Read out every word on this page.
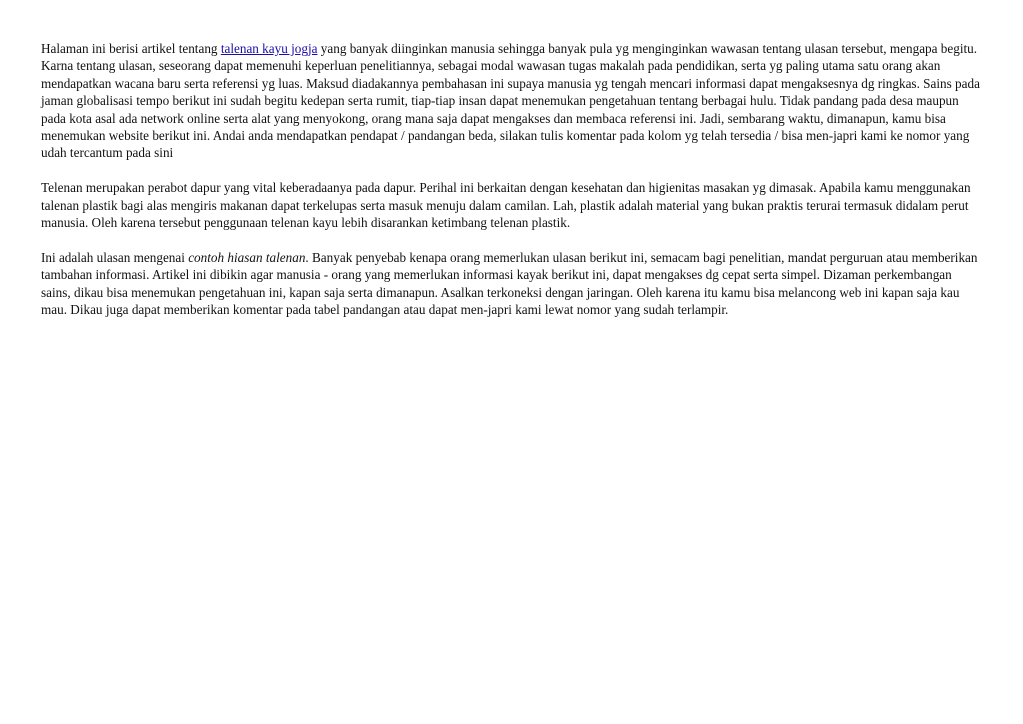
Halaman ini berisi artikel tentang talenan kayu jogja yang banyak diinginkan manusia sehingga banyak pula yg menginginkan wawasan tentang ulasan tersebut, mengapa begitu. Karna tentang ulasan, seseorang dapat memenuhi keperluan penelitiannya, sebagai modal wawasan tugas makalah pada pendidikan, serta yg paling utama satu orang akan mendapatkan wacana baru serta referensi yg luas. Maksud diadakannya pembahasan ini supaya manusia yg tengah mencari informasi dapat mengaksesnya dg ringkas. Sains pada jaman globalisasi tempo berikut ini sudah begitu kedepan serta rumit, tiap-tiap insan dapat menemukan pengetahuan tentang berbagai hulu. Tidak pandang pada desa maupun pada kota asal ada network online serta alat yang menyokong, orang mana saja dapat mengakses dan membaca referensi ini. Jadi, sembarang waktu, dimanapun, kamu bisa menemukan website berikut ini. Andai anda mendapatkan pendapat / pandangan beda, silakan tulis komentar pada kolom yg telah tersedia / bisa men-japri kami ke nomor yang udah tercantum pada sini

Telenan merupakan perabot dapur yang vital keberadaanya pada dapur. Perihal ini berkaitan dengan kesehatan dan higienitas masakan yg dimasak. Apabila kamu menggunakan talenan plastik bagi alas mengiris makanan dapat terkelupas serta masuk menuju dalam camilan. Lah, plastik adalah material yang bukan praktis terurai termasuk didalam perut manusia. Oleh karena tersebut penggunaan telenan kayu lebih disarankan ketimbang telenan plastik.

Ini adalah ulasan mengenai contoh hiasan talenan. Banyak penyebab kenapa orang memerlukan ulasan berikut ini, semacam bagi penelitian, mandat perguruan atau memberikan tambahan informasi. Artikel ini dibikin agar manusia - orang yang memerlukan informasi kayak berikut ini, dapat mengakses dg cepat serta simpel. Dizaman perkembangan sains, dikau bisa menemukan pengetahuan ini, kapan saja serta dimanapun. Asalkan terkoneksi dengan jaringan. Oleh karena itu kamu bisa melancong web ini kapan saja kau mau. Dikau juga dapat memberikan komentar pada tabel pandangan atau dapat men-japri kami lewat nomor yang sudah terlampir.
